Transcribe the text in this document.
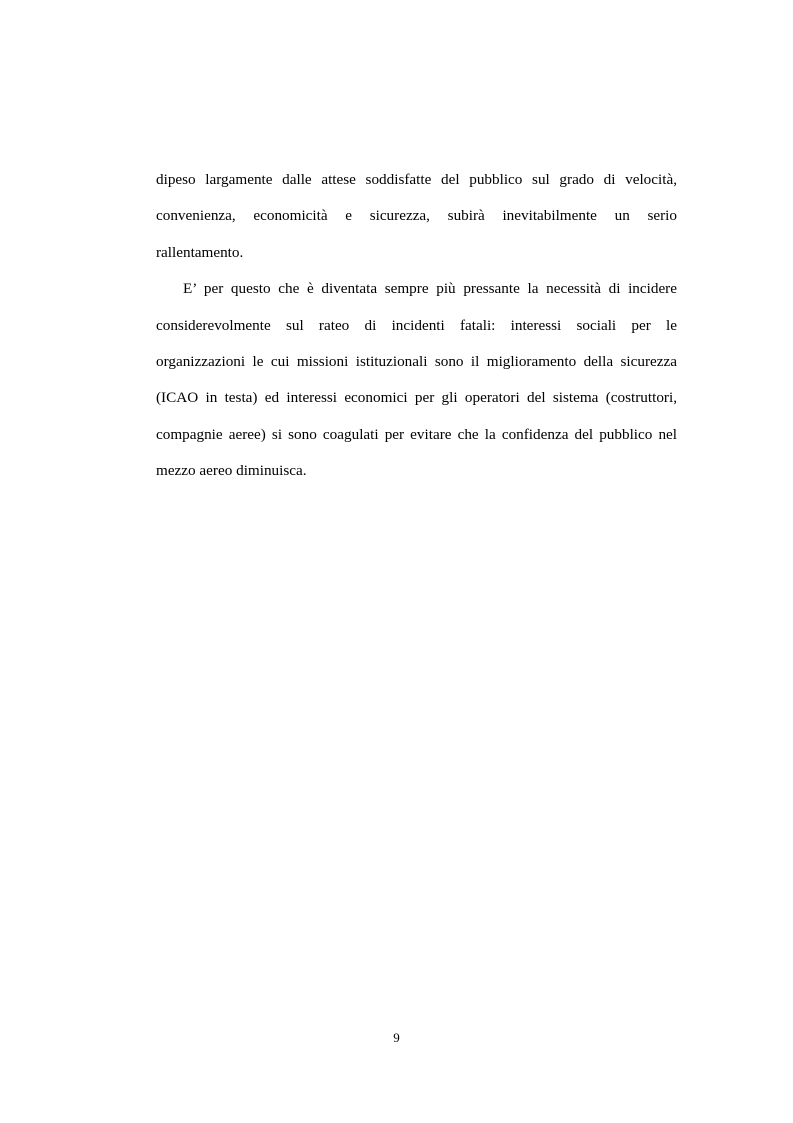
dipeso largamente dalle attese soddisfatte del pubblico sul grado di velocità,
convenienza, economicità e sicurezza, subirà inevitabilmente un serio
rallentamento.
E’ per questo che è diventata sempre più pressante la necessità di incidere
considerevolmente sul rateo di incidenti fatali: interessi sociali per le
organizzazioni le cui missioni istituzionali sono il miglioramento della sicurezza
(ICAO in testa) ed interessi economici per gli operatori del sistema (costruttori,
compagnie aeree) si sono coagulati per evitare che la confidenza del pubblico nel
mezzo aereo diminuisca.
9
